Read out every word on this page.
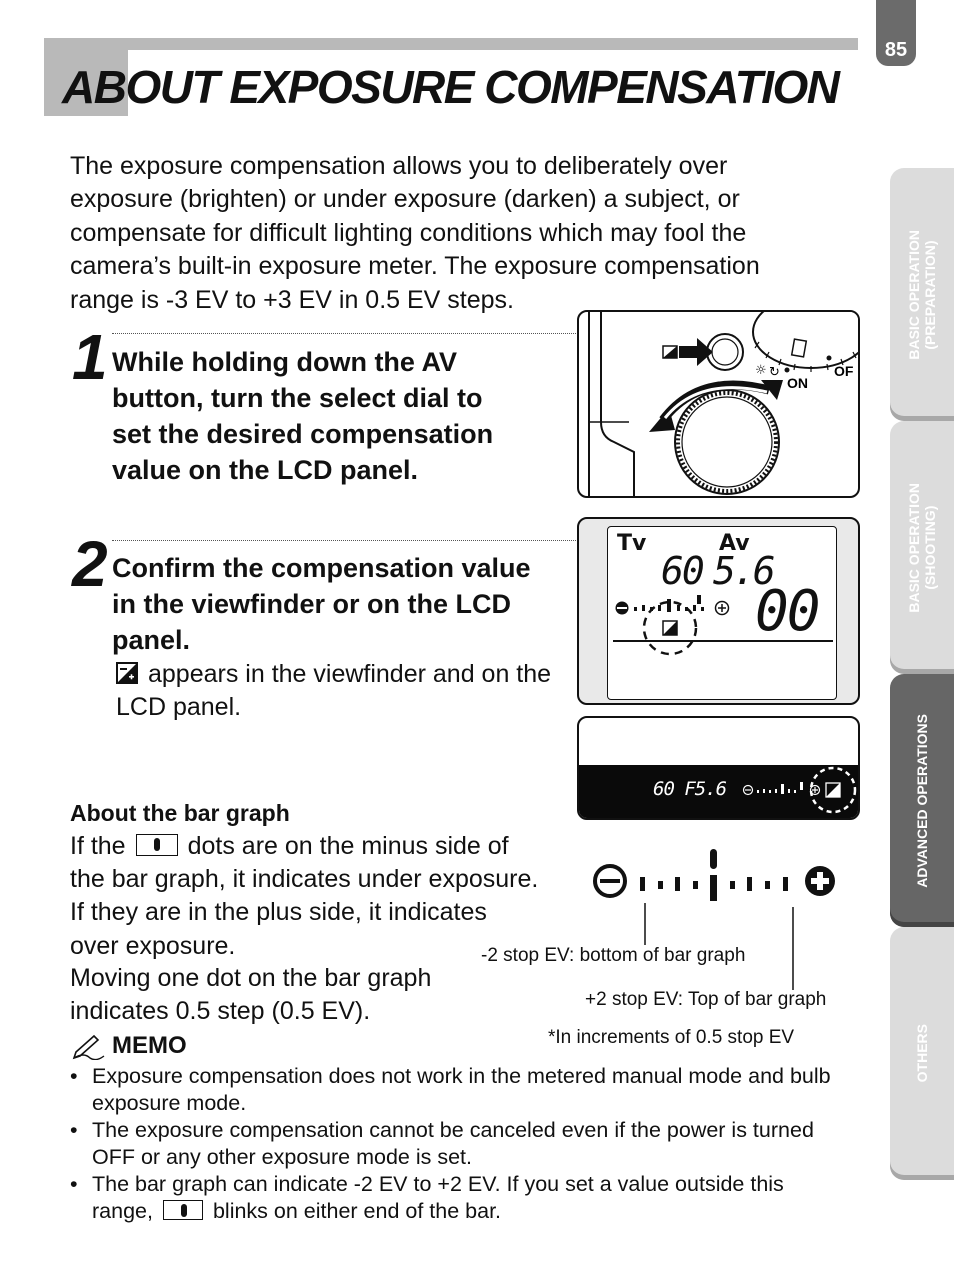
ABOUT EXPOSURE COMPENSATION
85

The exposure compensation allows you to deliberately over exposure (brighten) or under exposure (darken) a subject, or compensate for difficult lighting conditions which may fool the camera’s built-in exposure meter. The exposure compensation range is -3 EV to +3 EV in 0.5 EV steps.

1 While holding down the AV button, turn the select dial to set the desired compensation value on the LCD panel.

2 Confirm the compensation value in the viewfinder or on the LCD panel.

appears in the viewfinder and on the LCD panel.

☼ ↻
ON
OF
Tv	Av
60 5.6
00
60 F5.6

About the bar graph

If the dots are on the minus side of the bar graph, it indicates under exposure. If they are in the plus side, it indicates over exposure.

Moving one dot on the bar graph indicates 0.5 step (0.5 EV).

-2 stop EV: bottom of bar graph
+2 stop EV: Top of bar graph
*In increments of 0.5 stop EV
MEMO
• Exposure compensation does not work in the metered manual mode and bulb exposure mode.
• The exposure compensation cannot be canceled even if the power is turned OFF or any other exposure mode is set.
• The bar graph can indicate -2 EV to +2 EV. If you set a value outside this range,	blinks on either end of the bar.
BASIC OPERATION
(PREPARATION)
BASIC OPERATION
(SHOOTING)
ADVANCED OPERATIONS
OTHERS
